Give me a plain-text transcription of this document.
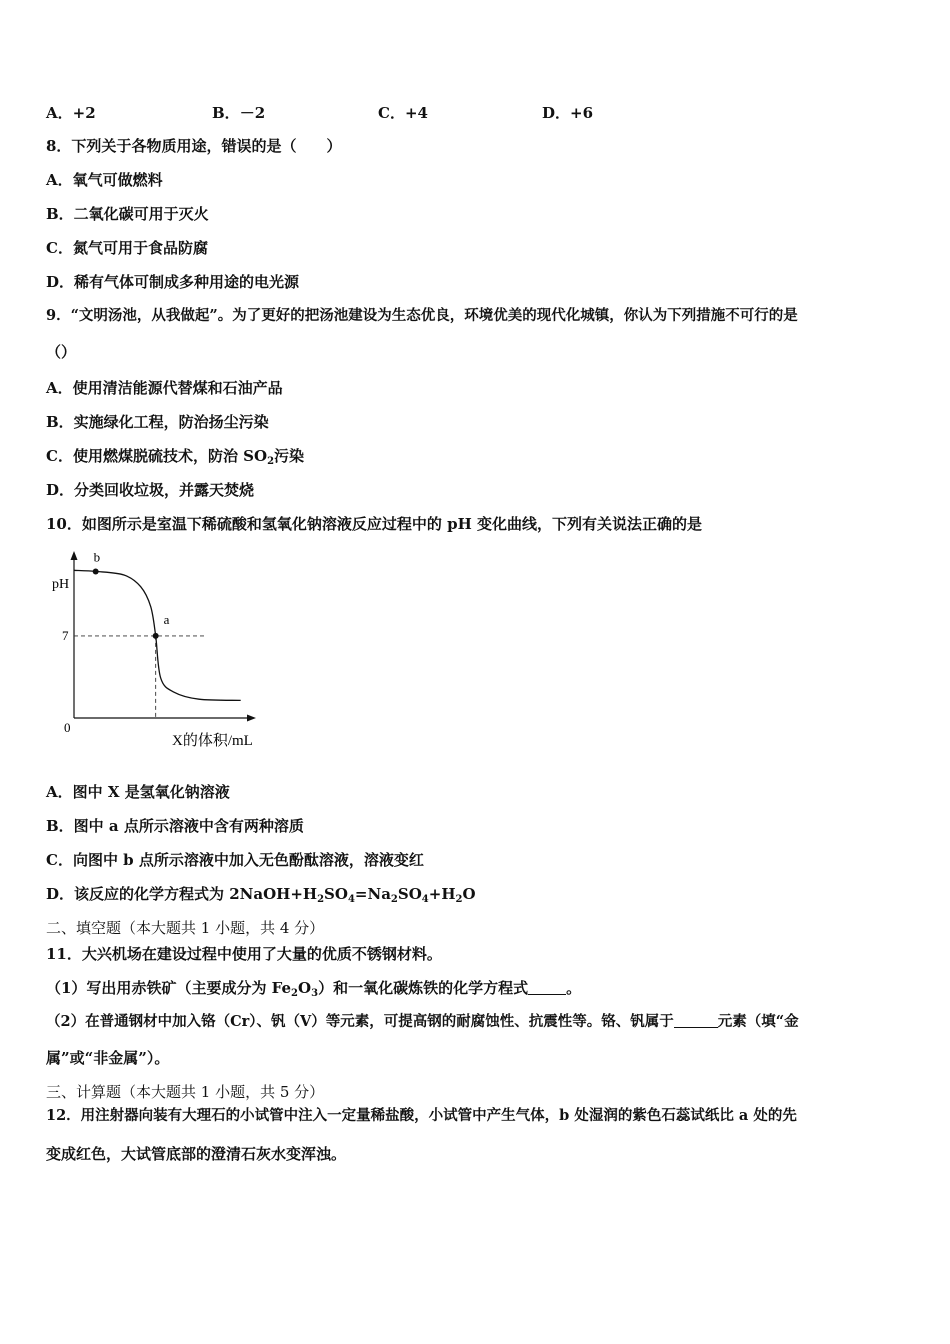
A．+2	B．－2	C．+4	D．+6
8．下列关于各物质用途，错误的是（　　）
A．氧气可做燃料
B．二氧化碳可用于灭火
C．氮气可用于食品防腐
D．稀有气体可制成多种用途的电光源
9．“文明汤池，从我做起”。为了更好的把汤池建设为生态优良，环境优美的现代化城镇，你认为下列措施不可行的是
（）
A．使用清洁能源代替煤和石油产品
B．实施绿化工程，防治扬尘污染
C．使用燃煤脱硫技术，防治 $SO_2$污染
D．分类回收垃圾，并露天焚烧
10．如图所示是室温下稀硫酸和氢氧化钠溶液反应过程中的 pH 变化曲线，下列有关说法正确的是
b
a
pH
7
0
X的体积/mL
A．图中 X 是氢氧化钠溶液
B．图中 a 点所示溶液中含有两种溶质
C．向图中 b 点所示溶液中加入无色酚酞溶液，溶液变红
D．该反应的化学方程式为 $2NaOH+H_2SO_4=Na_2SO_4+H_2O$
二、填空题（本大题共 1 小题，共 4 分）
11．大兴机场在建设过程中使用了大量的优质不锈钢材料。
（1）写出用赤铁矿（主要成分为 $Fe_2O_3$）和一氧化碳炼铁的化学方程式	。
（2）在普通钢材中加入铬（Cr）、钒（V）等元素，可提高钢的耐腐蚀性、抗震性等。铬、钒属于	元素（填“金
属”或“非金属”）。
三、计算题（本大题共 1 小题，共 5 分）
12．用注射器向装有大理石的小试管中注入一定量稀盐酸，小试管中产生气体，b 处湿润的紫色石蕊试纸比 a 处的先
变成红色，大试管底部的澄清石灰水变浑浊。
